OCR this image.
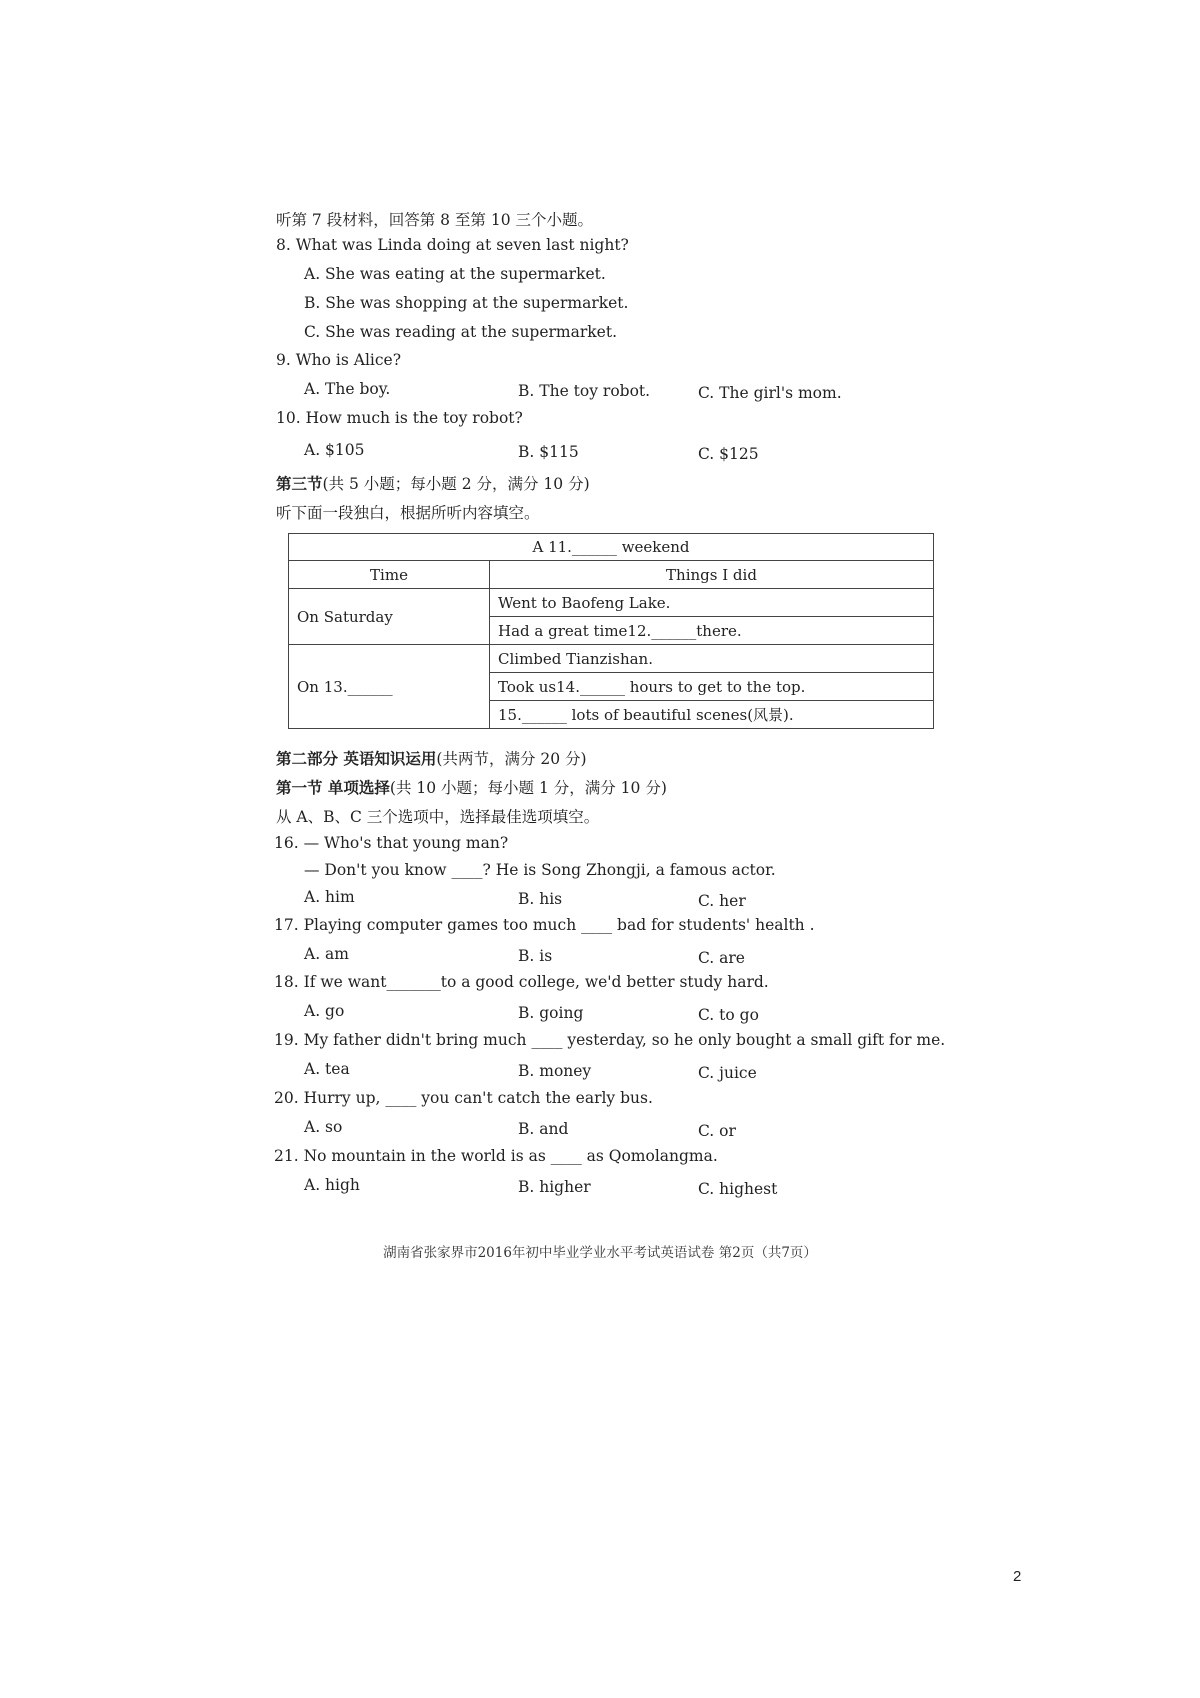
听第 7 段材料，回答第 8 至第 10 三个小题。
8. What was Linda doing at seven last night?
A. She was eating at the supermarket.
B. She was shopping at the supermarket.
C. She was reading at the supermarket.
9. Who is Alice?
A. The boy.	B. The toy robot.	C. The girl's mom.
10. How much is the toy robot?
A. $105	B. $115	C. $125
第三节(共 5 小题；每小题 2 分，满分 10 分)
听下面一段独白，根据所听内容填空。
A 11.______ weekend	
Time	Things I did
On Saturday	Went to Baofeng Lake.
	Had a great time12.______there.
On 13.______	Climbed Tianzishan.
	Took us14.______ hours to get to the top.
	15.______ lots of beautiful scenes(风景).
第二部分 英语知识运用(共两节，满分 20 分)
第一节 单项选择(共 10 小题；每小题 1 分，满分 10 分)
从 A、B、C 三个选项中，选择最佳选项填空。
16. — Who's that young man?
— Don't you know ____? He is Song Zhongji, a famous actor.
A. him	B. his	C. her
17. Playing computer games too much ____ bad for students' health .
A. am	B. is	C. are
18. If we want_______to a good college, we'd better study hard.
A. go	B. going	C. to go
19. My father didn't bring much ____ yesterday, so he only bought a small gift for me.
A. tea	B. money	C. juice
20. Hurry up, ____ you can't catch the early bus.
A. so	B. and	C. or
21. No mountain in the world is as ____ as Qomolangma.
A. high	B. higher	C. highest
湖南省张家界市2016年初中毕业学业水平考试英语试卷 第2页（共7页）
2
